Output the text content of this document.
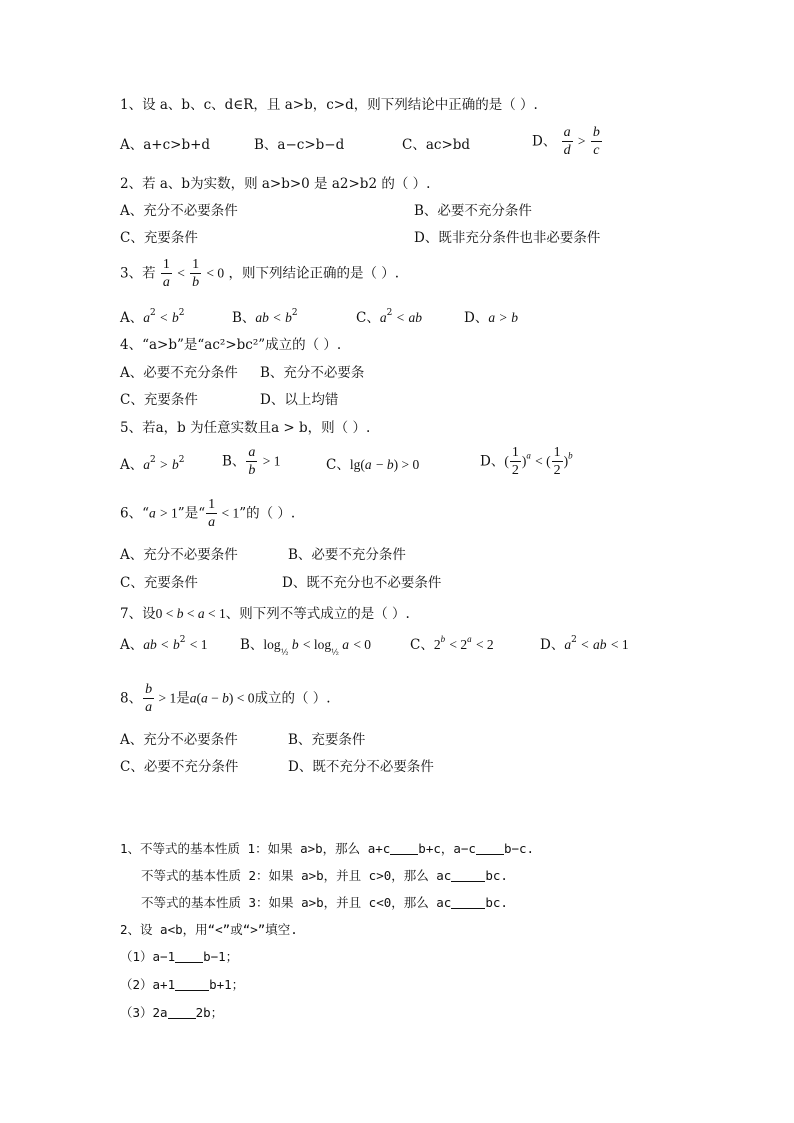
1、设 a、b、c、d∈R，且 a>b，c>d，则下列结论中正确的是（ ）.
A、a+c>b+d	B、a−c>b−d	C、ac>bd	D、 $\frac{a}{d} > \frac{b}{c}$
2、若 a、b为实数，则 a>b>0 是 a2>b2 的（ ）.
A、充分不必要条件	B、必要不充分条件
C、充要条件	D、既非充分条件也非必要条件
3、若 $\frac{1}{a} < \frac{1}{b} < 0$ ，则下列结论正确的是（ ）.
A、$a^2 < b^2$	B、ab < $b^2$	C、$a^2$ < ab	D、a > b
4、“a>b”是“ac²>bc²”成立的（ ）.
A、必要不充分条件 B、充分不必要条
C、充要条件	D、以上均错
5、若a，b 为任意实数且a > b，则（ ）.
A、$a^2 > b^2$	B、 $\frac{a}{b} > 1$	C、lg(a − b) > 0	D、( $\frac{1}{2} )^a$ < ( $\frac{1}{2} )^b$
6、“a > 1”是“ $\frac{1}{a} < 1$”的（ ）.
A、充分不必要条件	B、必要不充分条件
C、充要条件	D、既不充分也不必要条件
7、设0 < b < a < 1、则下列不等式成立的是（ ）.
A、ab < $b^2 < 1$ B、$\log_{\frac{1}{2}} b < \log_{\frac{1}{2}} a < 0$	C、$2^b < 2^a < 2$	D、$a^2$ < ab < 1
8、 $\frac{b}{a} > 1$是a(a − b) < 0成立的（ ）.
A、充分不必要条件	B、充要条件
C、必要不充分条件	D、既不充分不必要条件
1、不等式的基本性质 1：如果 a>b，那么 a+c b+c，a−c b−c.
不等式的基本性质 2：如果 a>b，并且 c>0，那么 ac	bc.
不等式的基本性质 3：如果 a>b，并且 c<0，那么 ac	bc.
2、设 a<b，用“<”或“>”填空.
（1）a−1 b−1；
（2）a+1	b+1；
（3）2a 2b；
